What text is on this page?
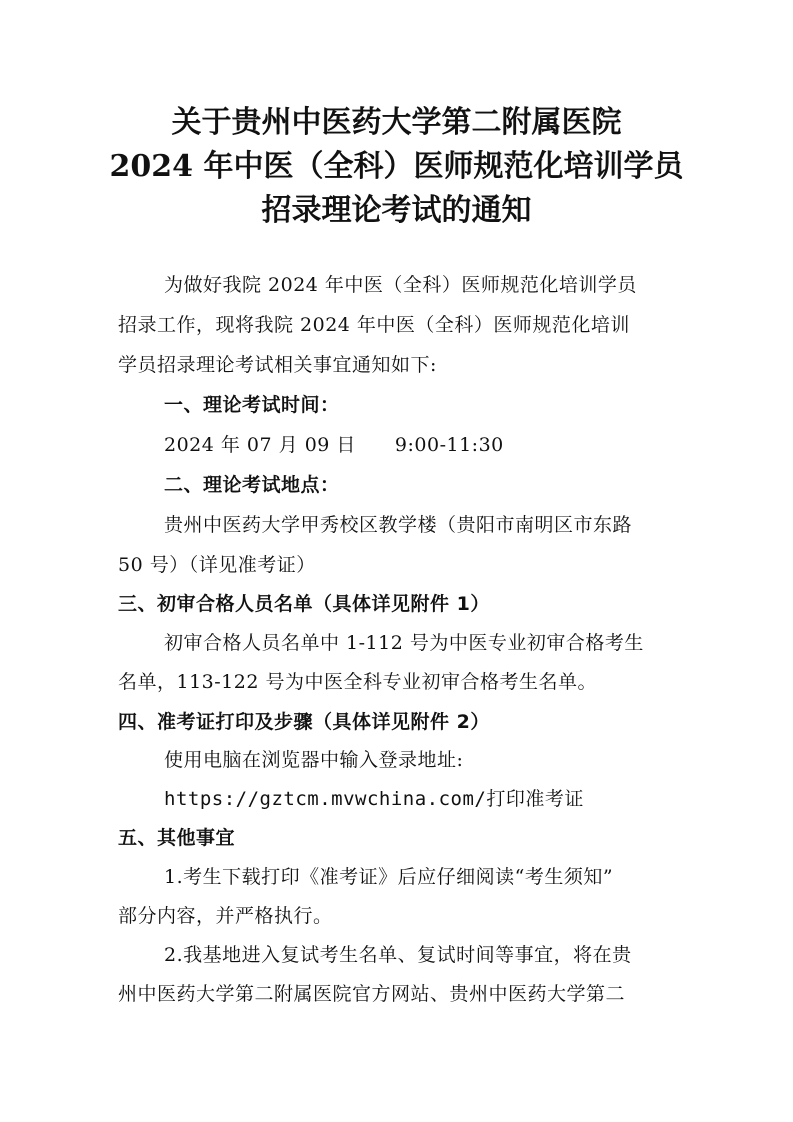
关于贵州中医药大学第二附属医院
2024 年中医（全科）医师规范化培训学员
招录理论考试的通知
为做好我院 2024 年中医（全科）医师规范化培训学员
招录工作，现将我院 2024 年中医（全科）医师规范化培训
学员招录理论考试相关事宜通知如下:
一、理论考试时间：
2024 年 07 月 09 日　　9:00-11:30
二、理论考试地点：
贵州中医药大学甲秀校区教学楼（贵阳市南明区市东路
50 号）（详见准考证）
三、初审合格人员名单（具体详见附件 1）
初审合格人员名单中 1-112 号为中医专业初审合格考生
名单，113-122 号为中医全科专业初审合格考生名单。
四、准考证打印及步骤（具体详见附件 2）
使用电脑在浏览器中输入登录地址:
https://gztcm.mvwchina.com/打印准考证
五、其他事宜
1.考生下载打印《准考证》后应仔细阅读“考生须知”
部分内容，并严格执行。
2.我基地进入复试考生名单、复试时间等事宜，将在贵
州中医药大学第二附属医院官方网站、贵州中医药大学第二
